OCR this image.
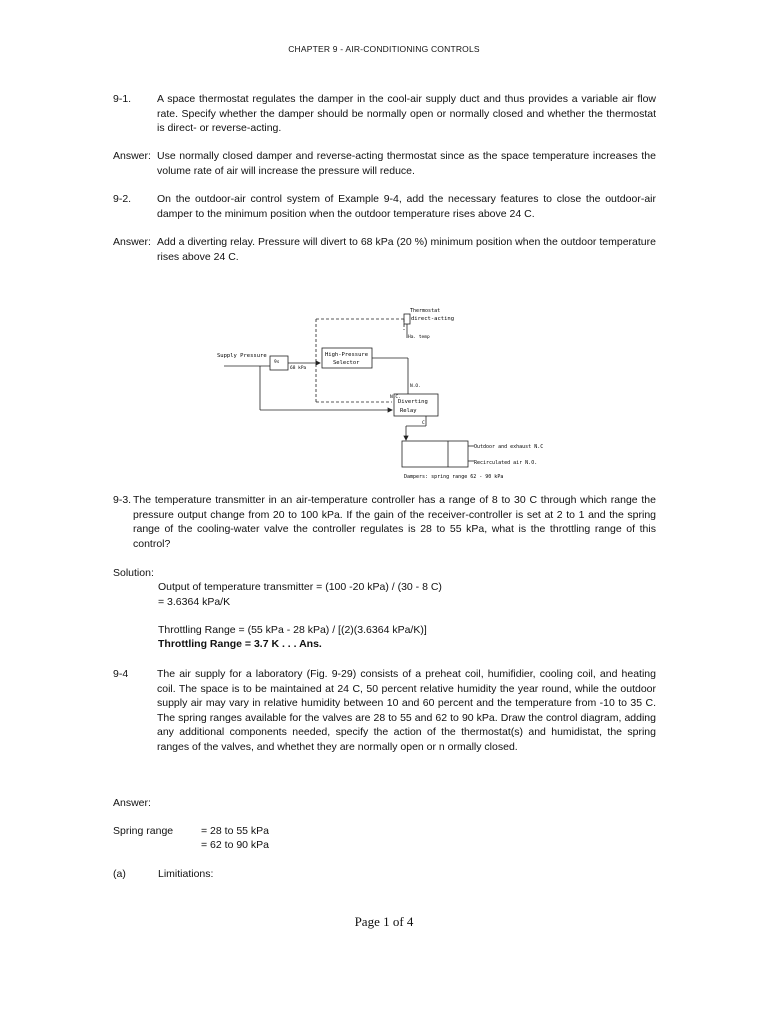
CHAPTER 9 - AIR-CONDITIONING CONTROLS
9-1. A space thermostat regulates the damper in the cool-air supply duct and thus provides a variable air flow rate. Specify whether the damper should be normally open or normally closed and whether the thermostat is direct- or reverse-acting.
Answer: Use normally closed damper and reverse-acting thermostat since as the space temperature increases the volume rate of air will increase the pressure will reduce.
9-2. On the outdoor-air control system of Example 9-4, add the necessary features to close the outdoor-air damper to the minimum position when the outdoor temperature rises above 24 C.
Answer: Add a diverting relay. Pressure will divert to 68 kPa (20 %) minimum position when the outdoor temperature rises above 24 C.
Thermostat
direct-acting
Ha. temp
Supply Pressure
9s
68 kPa
High-Pressure
Selector
N.O.
N.C.
Diverting
Relay
C
Outdoor and exhaust N.C
Recirculated air N.O.
Dampers: spring range 62 - 90 kPa
9-3. The temperature transmitter in an air-temperature controller has a range of 8 to 30 C through which range the pressure output change from 20 to 100 kPa. If the gain of the receiver-controller is set at 2 to 1 and the spring range of the cooling-water valve the controller regulates is 28 to 55 kPa, what is the throttling range of this control?
Solution:
Output of temperature transmitter = (100 -20 kPa) / (30 - 8 C)
= 3.6364 kPa/K
Throttling Range = (55 kPa - 28 kPa) / [(2)(3.6364 kPa/K)]
Throttling Range = 3.7 K . . . Ans.
9-4	The air supply for a laboratory (Fig. 9-29) consists of a preheat coil, humifidier, cooling coil, and heating coil. The space is to be maintained at 24 C, 50 percent relative humidity the year round, while the outdoor supply air may vary in relative humidity between 10 and 60 percent and the temperature from -10 to 35 C. The spring ranges available for the valves are 28 to 55 and 62 to 90 kPa. Draw the control diagram, adding any additional components needed, specify the action of the thermostat(s) and humidistat, the spring ranges of the valves, and whethet they are normally open or n ormally closed.
Answer:
Spring range	= 28 to 55 kPa
= 62 to 90 kPa
(a)	Limitiations:
Page 1 of 4
